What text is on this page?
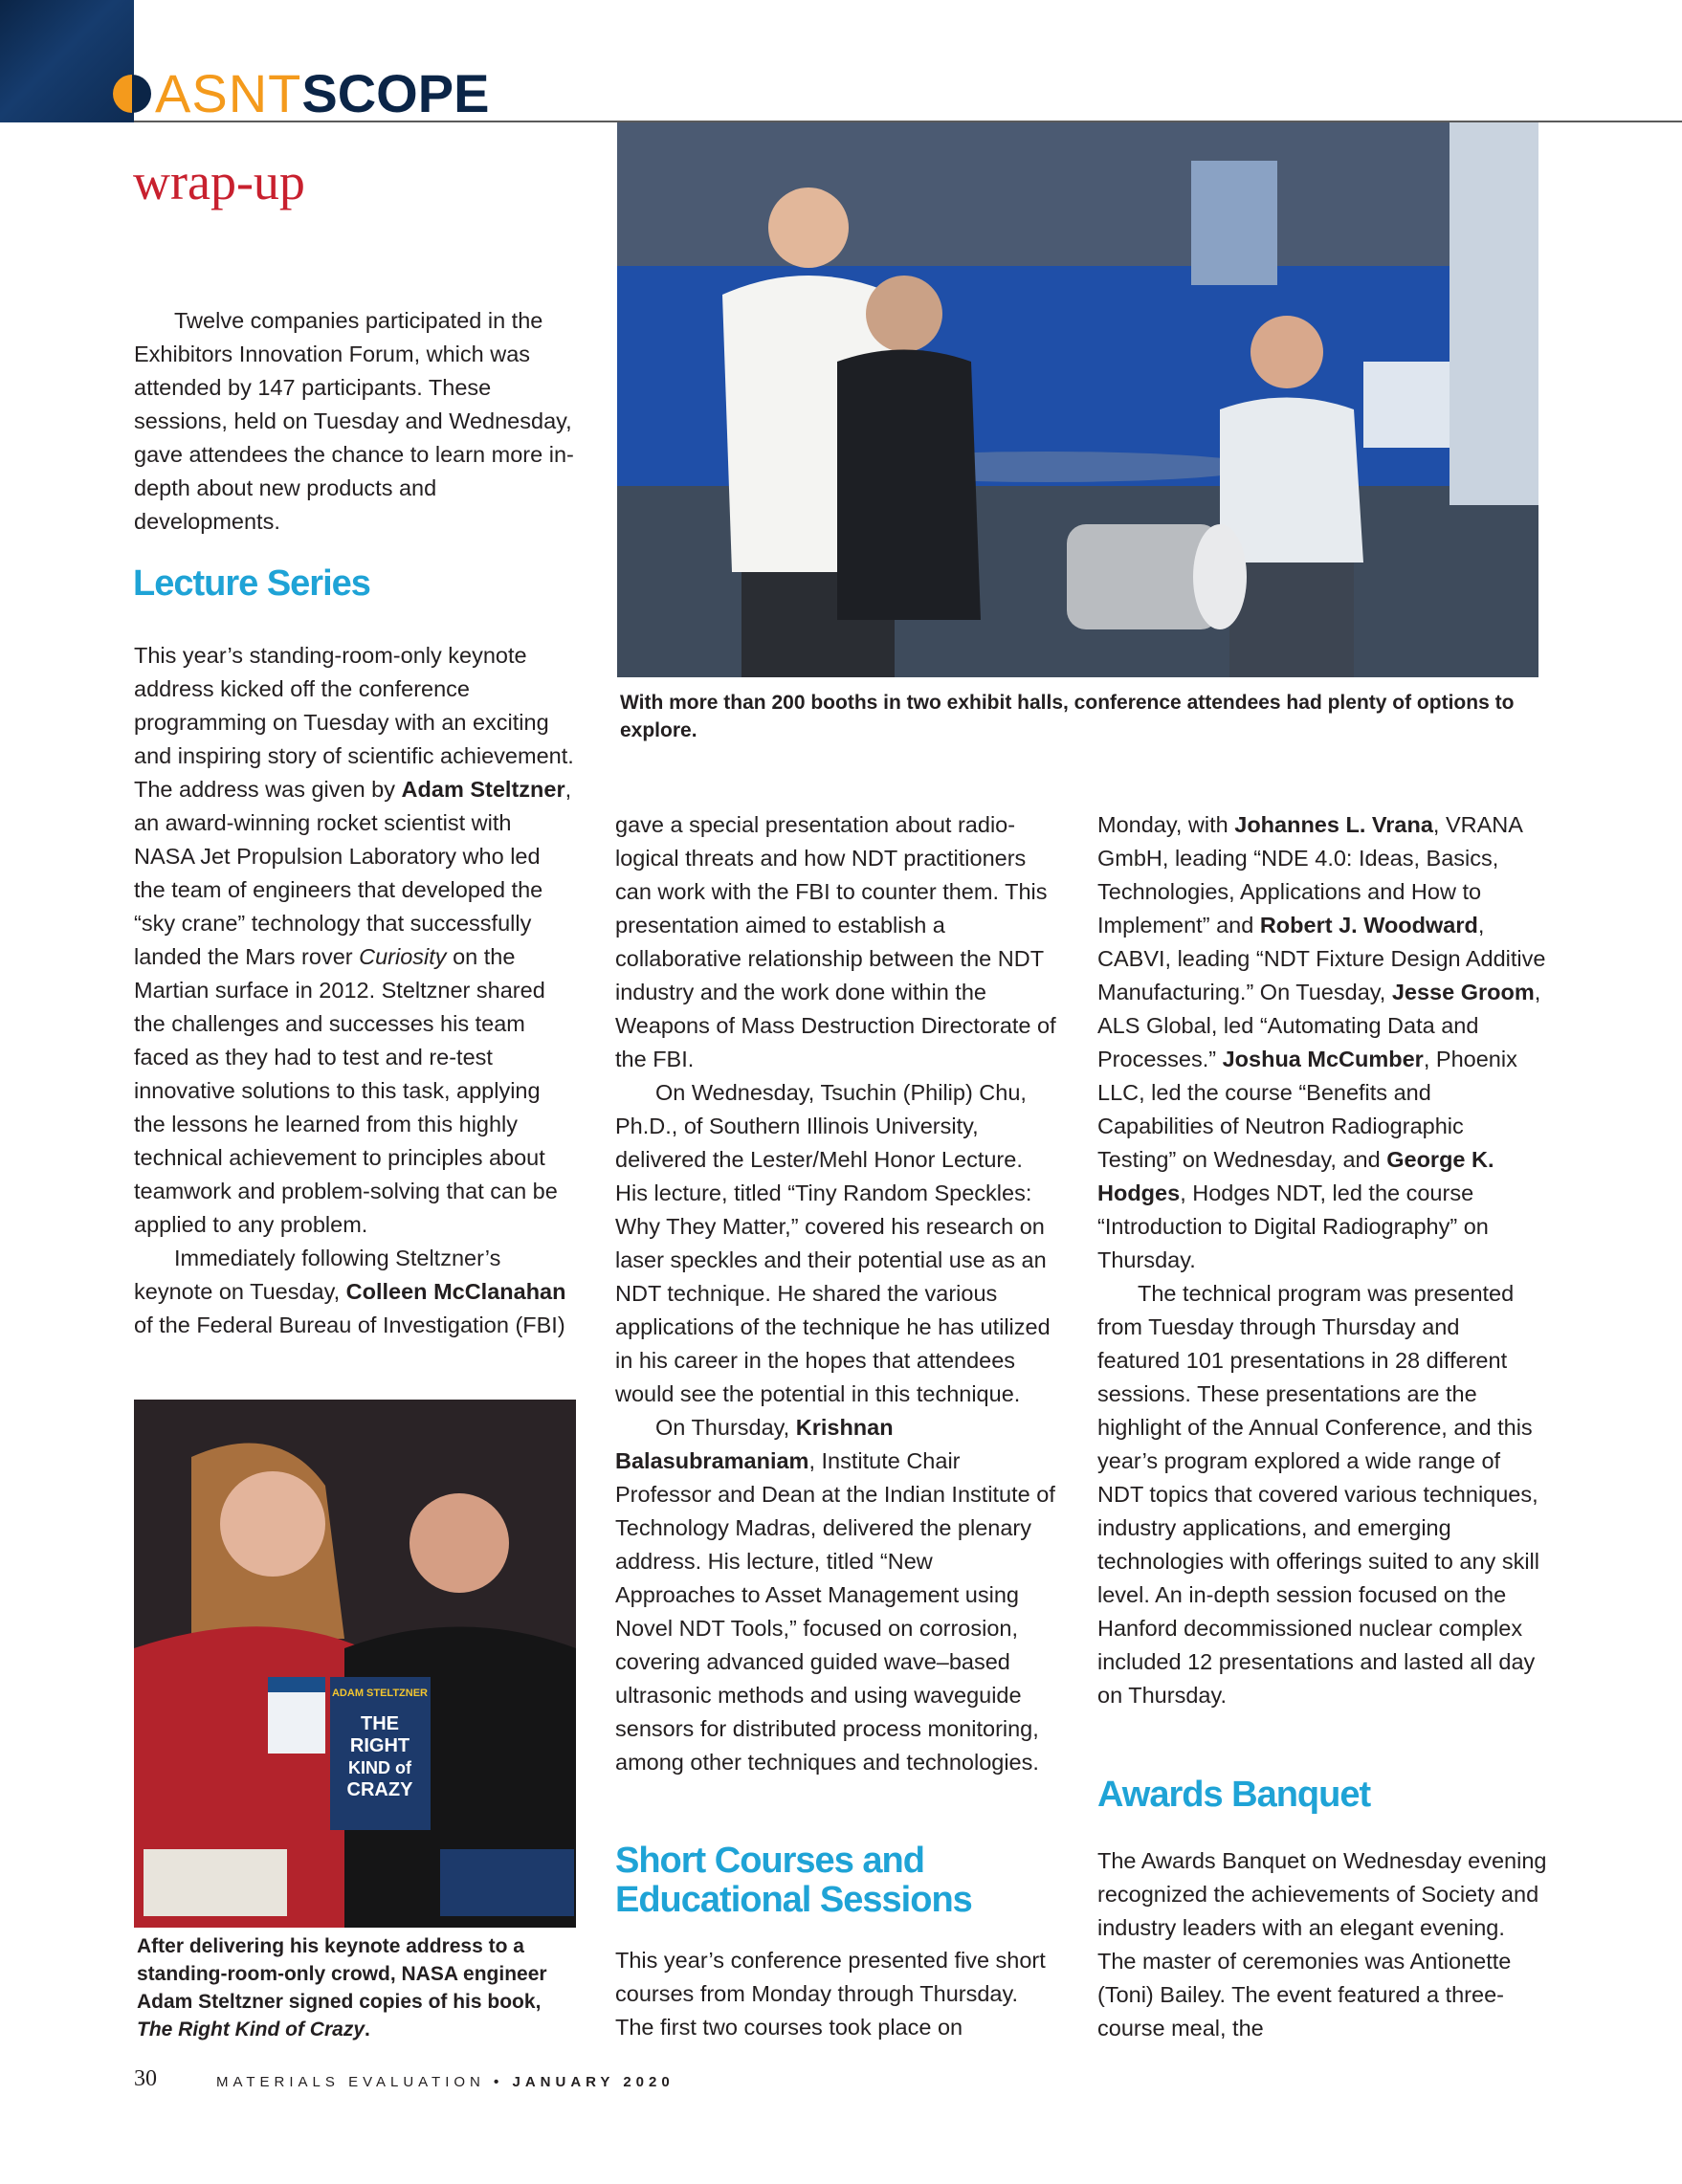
ASNT SCOPE
wrap-up
With more than 200 booths in two exhibit halls, conference attendees had plenty of options to explore.

Twelve companies participated in the Exhibitors Innovation Forum, which was attended by 147 participants. These sessions, held on Tuesday and Wednesday, gave attendees the chance to learn more in-depth about new products and developments.

Lecture Series

This year’s standing-room-only keynote address kicked off the conference programming on Tuesday with an exciting and inspiring story of scientific achievement. The address was given by Adam Steltzner, an award-winning rocket scientist with NASA Jet Propulsion Laboratory who led the team of engineers that developed the “sky crane” technology that successfully landed the Mars rover Curiosity on the Martian surface in 2012. Steltzner shared the challenges and successes his team faced as they had to test and re-test innovative solutions to this task, applying the lessons he learned from this highly technical achievement to principles about teamwork and problem-solving that can be applied to any problem.

Immediately following Steltzner’s keynote on Tuesday, Colleen McClanahan of the Federal Bureau of Investigation (FBI)

ADAM STELTZNER
THE
RIGHT
KIND of
CRAZY
After delivering his keynote address to a standing-room-only crowd, NASA engineer Adam Steltzner signed copies of his book, The Right Kind of Crazy.

gave a special presentation about radiological threats and how NDT practitioners can work with the FBI to counter them. This presentation aimed to establish a collaborative relationship between the NDT industry and the work done within the Weapons of Mass Destruction Directorate of the FBI.

On Wednesday, Tsuchin (Philip) Chu, Ph.D., of Southern Illinois University, delivered the Lester/Mehl Honor Lecture. His lecture, titled “Tiny Random Speckles: Why They Matter,” covered his research on laser speckles and their potential use as an NDT technique. He shared the various applications of the technique he has utilized in his career in the hopes that attendees would see the potential in this technique.

On Thursday, Krishnan Balasubramaniam, Institute Chair Professor and Dean at the Indian Institute of Technology Madras, delivered the plenary address. His lecture, titled “New Approaches to Asset Management using Novel NDT Tools,” focused on corrosion, covering advanced guided wave–based ultrasonic methods and using waveguide sensors for distributed process monitoring, among other techniques and technologies.

Short Courses and Educational Sessions

This year’s conference presented five short courses from Monday through Thursday. The first two courses took place on

Monday, with Johannes L. Vrana, VRANA GmbH, leading “NDE 4.0: Ideas, Basics, Technologies, Applications and How to Implement” and Robert J. Woodward, CABVI, leading “NDT Fixture Design Additive Manufacturing.” On Tuesday, Jesse Groom, ALS Global, led “Automating Data and Processes.” Joshua McCumber, Phoenix LLC, led the course “Benefits and Capabilities of Neutron Radiographic Testing” on Wednesday, and George K. Hodges, Hodges NDT, led the course “Introduction to Digital Radiography” on Thursday.

The technical program was presented from Tuesday through Thursday and featured 101 presentations in 28 different sessions. These presentations are the highlight of the Annual Conference, and this year’s program explored a wide range of NDT topics that covered various techniques, industry applications, and emerging technologies with offerings suited to any skill level. An in-depth session focused on the Hanford decommissioned nuclear complex included 12 presentations and lasted all day on Thursday.

Awards Banquet

The Awards Banquet on Wednesday evening recognized the achievements of Society and industry leaders with an elegant evening. The master of ceremonies was Antionette (Toni) Bailey. The event featured a three-course meal, the

30	MATERIALS EVALUATION • JANUARY 2020
